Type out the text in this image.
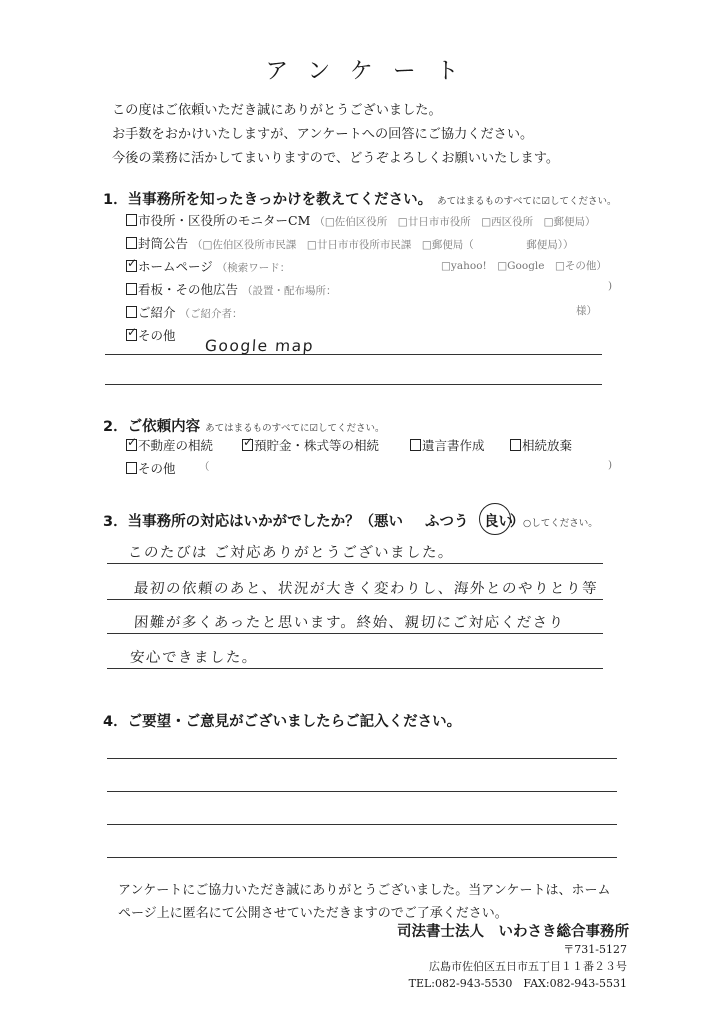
アンケート
この度はご依頼いただき誠にありがとうございました。
お手数をおかけいたしますが、アンケートへの回答にご協力ください。
今後の業務に活かしてまいりますので、どうぞよろしくお願いいたします。
1．当事務所を知ったきっかけを教えてください。 あてはまるものすべてに☑してください。
市役所・区役所のモニターCM （□佐伯区役所　□廿日市市役所　□西区役所　□郵便局）
封筒公告 （□佐伯区役所市民課　□廿日市市役所市民課　□郵便局（　　　　　郵便局））
✓ホームページ （検索ワード：	□yahoo!　□Google　□その他）
看板・その他広告 （設置・配布場所：	)
ご紹介 （ご紹介者：	様）
✓その他
Google map
2．ご依頼内容 あてはまるものすべてに☑してください。
✓不動産の相続
✓	預貯金・株式等の相続	遺言書作成	相続放棄
その他 （	)
3．当事務所の対応はいかがでしたか？（ 悪い ふつう 良い
）
○してください。
このたびは ご対応ありがとうございました。
最初の依頼のあと、状況が大きく変わりし、海外とのやりとり等
困難が多くあったと思います。終始、親切にご対応くださり
安心できました。
4．ご要望・ご意見がございましたらご記入ください。
アンケートにご協力いただき誠にありがとうございました。当アンケートは、ホーム
ページ上に匿名にて公開させていただきますのでご了承ください。
司法書士法人　いわさき総合事務所
〒731-5127
広島市佐伯区五日市五丁目１１番２３号
TEL:082-943-5530　FAX:082-943-5531
